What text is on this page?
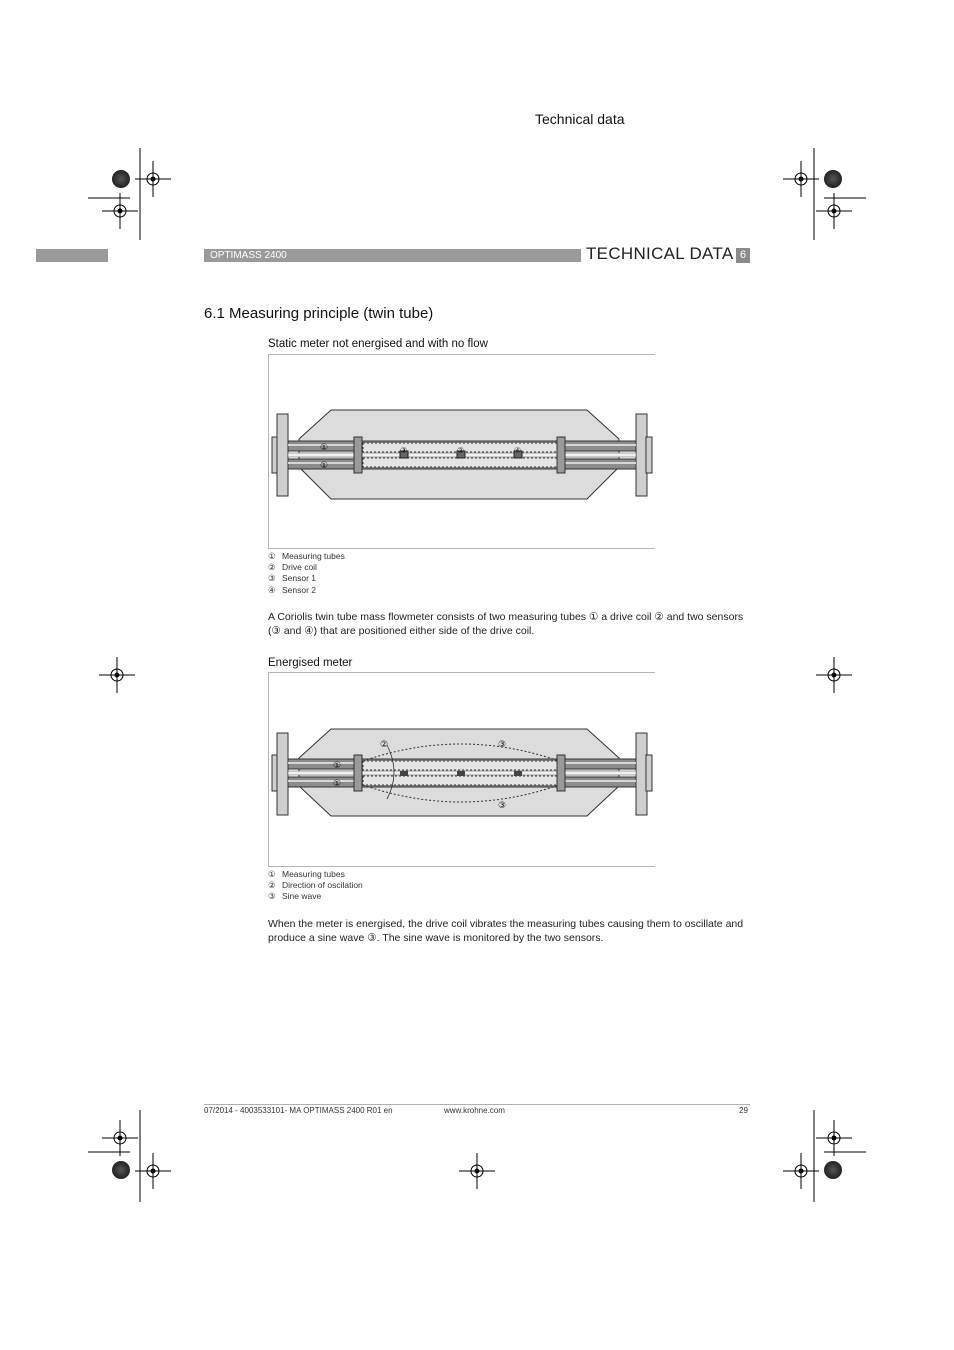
Technical data
OPTIMASS 2400	TECHNICAL DATA 6
6.1 Measuring principle (twin tube)
Static meter not energised and with no flow
①
①
③	②	④
① Measuring tubes
② Drive coil
③ Sensor 1
④ Sensor 2
A Coriolis twin tube mass flowmeter consists of two measuring tubes ① a drive coil ② and two sensors (③ and ④) that are positioned either side of the drive coil.
Energised meter
①
①
②	③
③
① Measuring tubes
② Direction of oscilation
③ Sine wave
When the meter is energised, the drive coil vibrates the measuring tubes causing them to oscillate and produce a sine wave ③. The sine wave is monitored by the two sensors.
07/2014 - 4003533101- MA OPTIMASS 2400 R01 en	www.krohne.com	29
